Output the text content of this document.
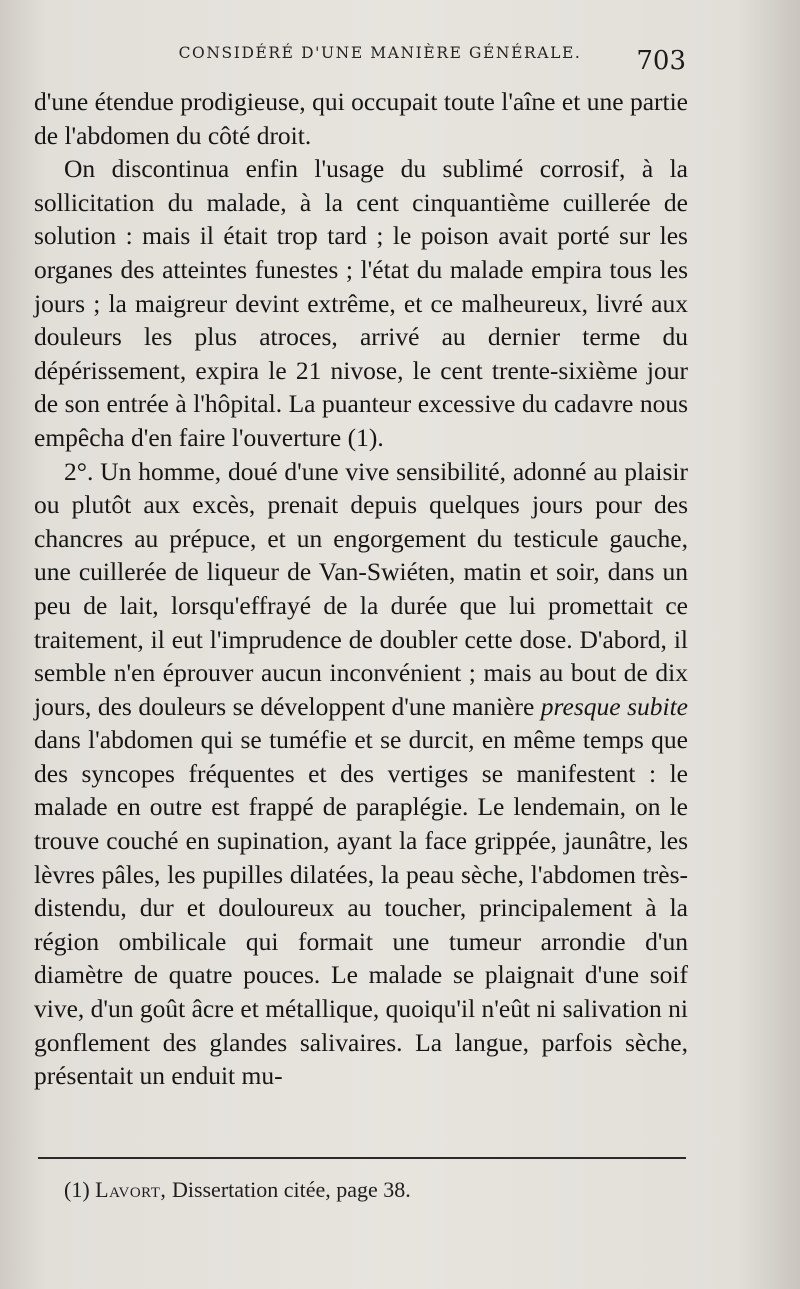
CONSIDÉRÉ D'UNE MANIÈRE GÉNÉRALE.	703

d'une étendue prodigieuse, qui occupait toute l'aîne et une partie de l'abdomen du côté droit.

On discontinua enfin l'usage du sublimé corrosif, à la sollicitation du malade, à la cent cinquantième cuillerée de solution : mais il était trop tard ; le poison avait porté sur les organes des atteintes funestes ; l'état du malade empira tous les jours ; la maigreur devint extrême, et ce malheureux, livré aux douleurs les plus atroces, arrivé au dernier terme du dépérissement, expira le 21 nivose, le cent trente-sixième jour de son entrée à l'hôpital. La puanteur excessive du cadavre nous empêcha d'en faire l'ouverture (1).

2°. Un homme, doué d'une vive sensibilité, adonné au plaisir ou plutôt aux excès, prenait depuis quelques jours pour des chancres au prépuce, et un engorgement du testicule gauche, une cuillerée de liqueur de Van-Swiéten, matin et soir, dans un peu de lait, lorsqu'effrayé de la durée que lui promettait ce traitement, il eut l'imprudence de doubler cette dose. D'abord, il semble n'en éprouver aucun inconvénient ; mais au bout de dix jours, des douleurs se développent d'une manière presque subite dans l'abdomen qui se tuméfie et se durcit, en même temps que des syncopes fréquentes et des vertiges se manifestent : le malade en outre est frappé de paraplégie. Le lendemain, on le trouve couché en supination, ayant la face grippée, jaunâtre, les lèvres pâles, les pupilles dilatées, la peau sèche, l'abdomen très-distendu, dur et douloureux au toucher, principalement à la région ombilicale qui formait une tumeur arrondie d'un diamètre de quatre pouces. Le malade se plaignait d'une soif vive, d'un goût âcre et métallique, quoiqu'il n'eût ni salivation ni gonflement des glandes salivaires. La langue, parfois sèche, présentait un enduit mu-

(1) Lavort, Dissertation citée, page 38.
